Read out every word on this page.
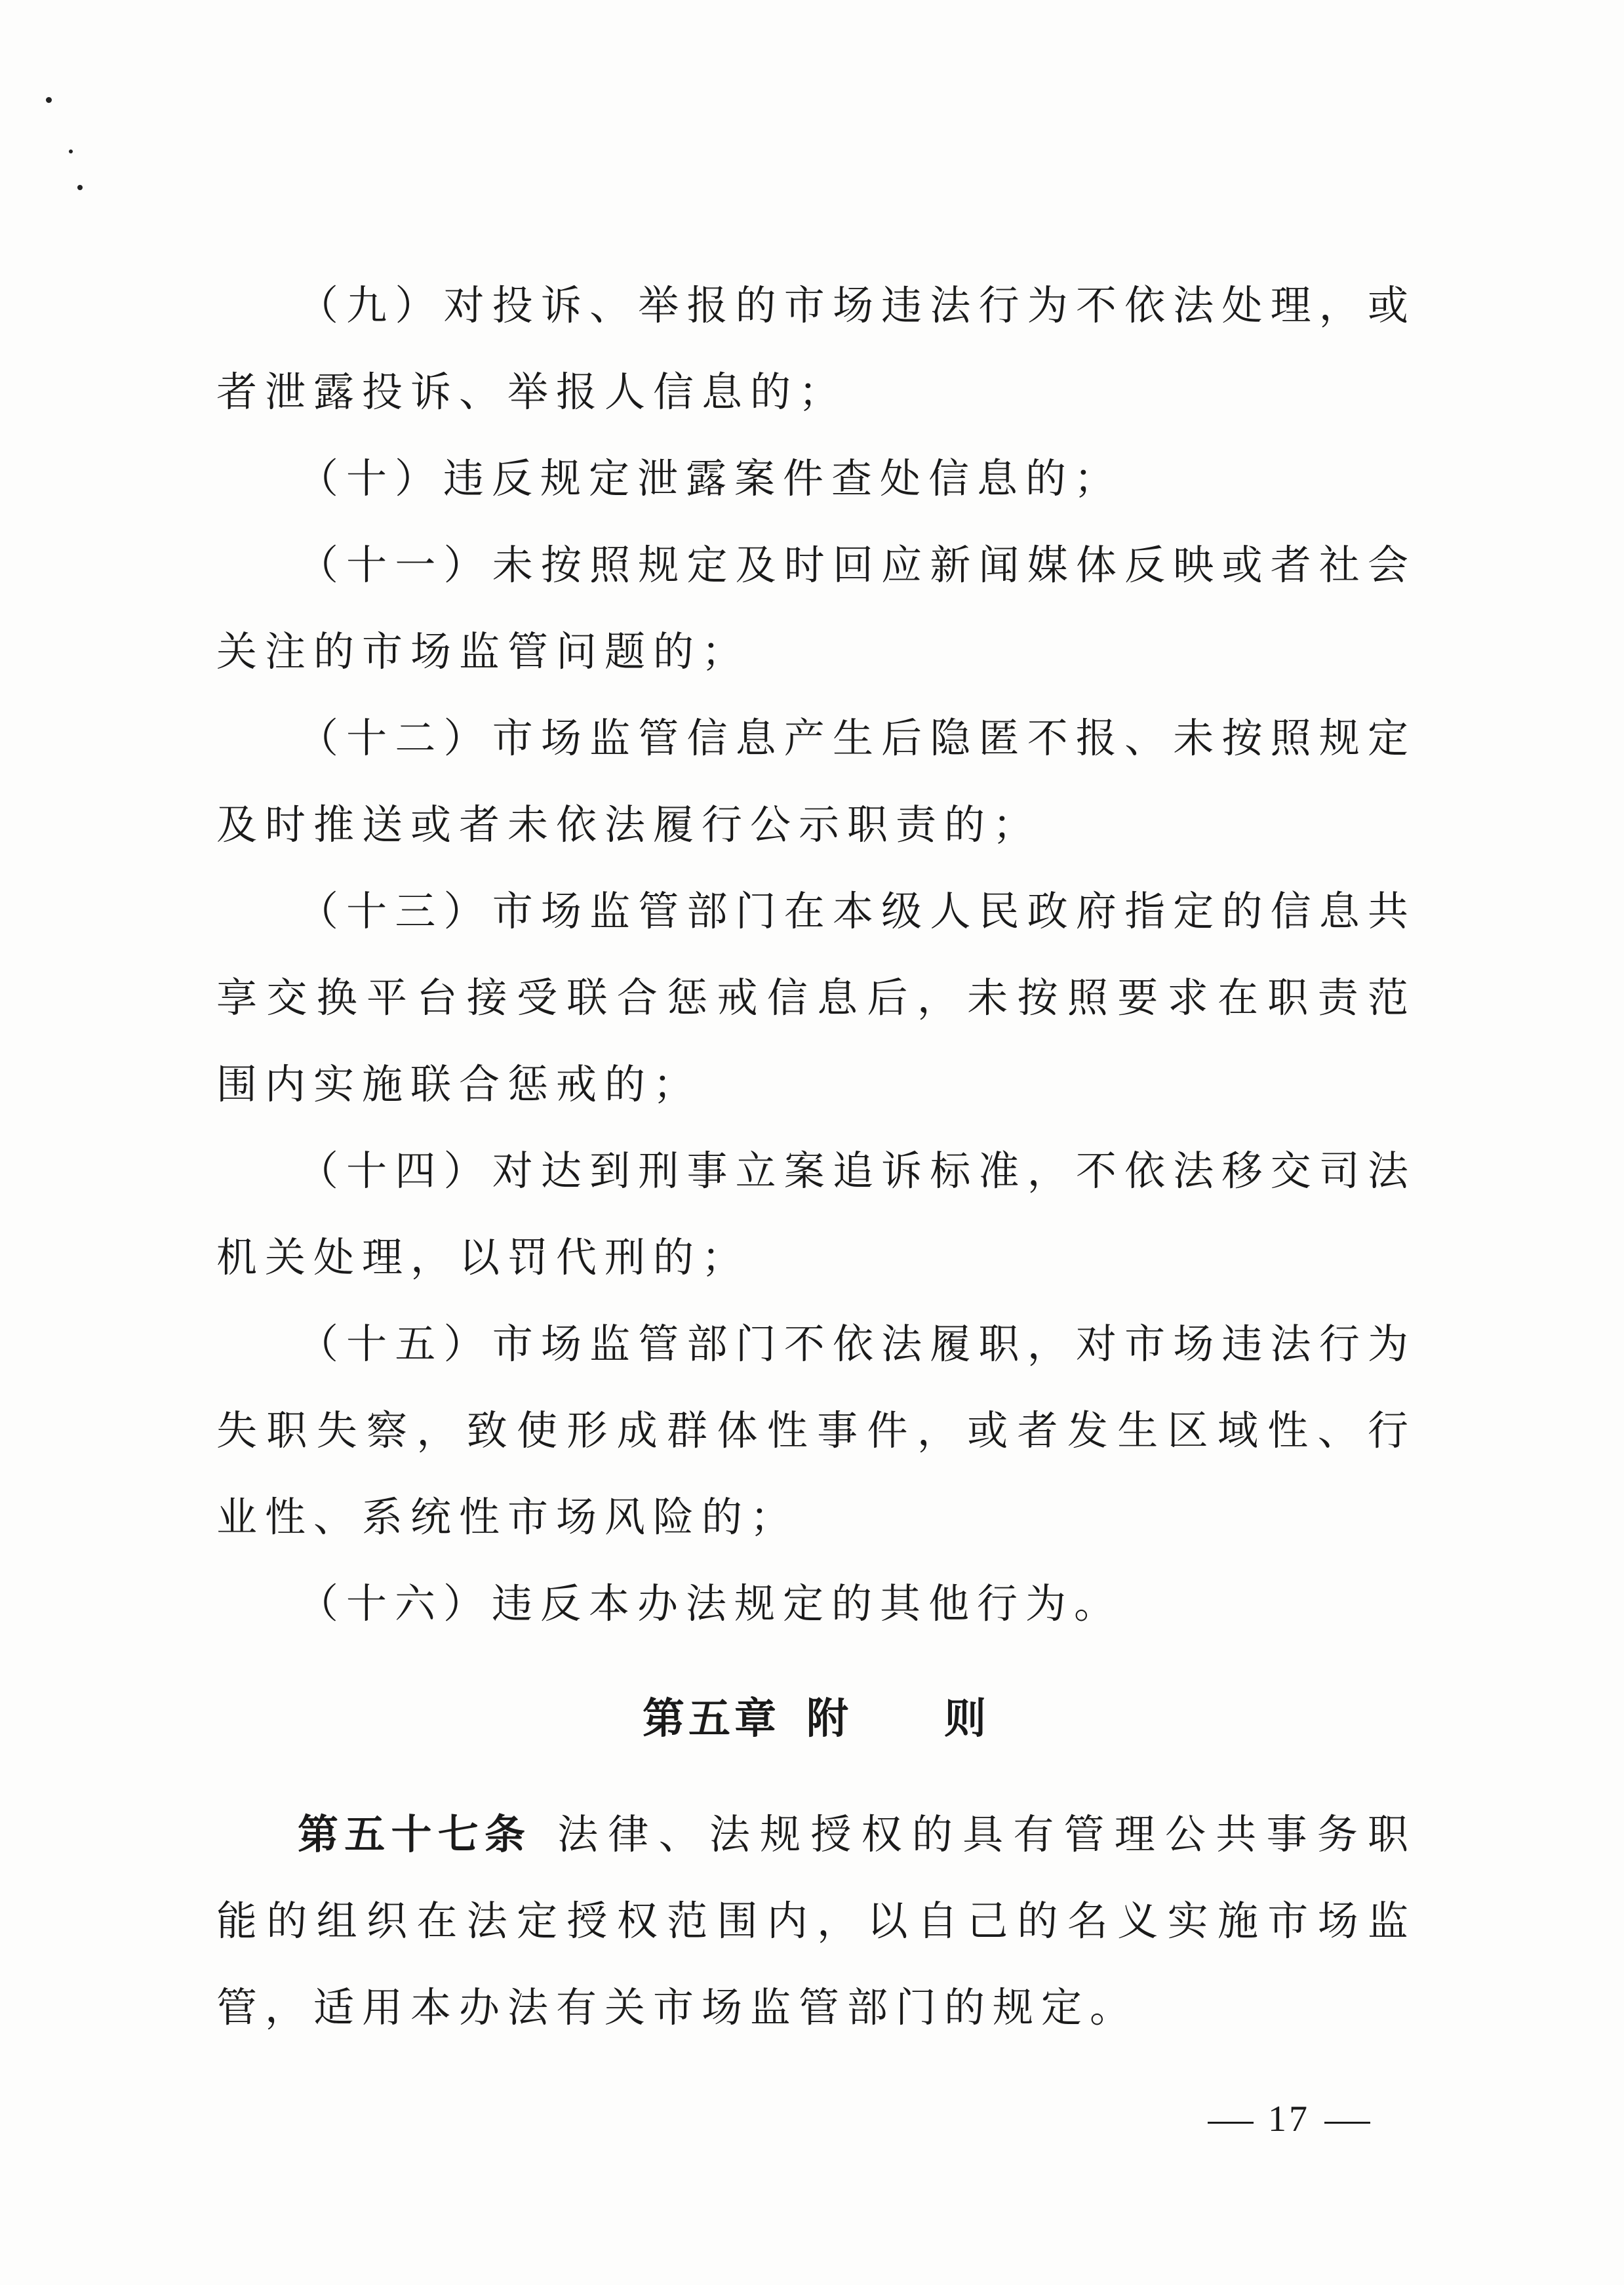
（九）对投诉、举报的市场违法行为不依法处理，或者泄露投诉、举报人信息的；

（十）违反规定泄露案件查处信息的；

（十一）未按照规定及时回应新闻媒体反映或者社会关注的市场监管问题的；

（十二）市场监管信息产生后隐匿不报、未按照规定及时推送或者未依法履行公示职责的；

（十三）市场监管部门在本级人民政府指定的信息共享交换平台接受联合惩戒信息后，未按照要求在职责范围内实施联合惩戒的；

（十四）对达到刑事立案追诉标准，不依法移交司法机关处理，以罚代刑的；

（十五）市场监管部门不依法履职，对市场违法行为失职失察，致使形成群体性事件，或者发生区域性、行业性、系统性市场风险的；

（十六）违反本办法规定的其他行为。

第五章 附 则

第五十七条 法律、法规授权的具有管理公共事务职能的组织在法定授权范围内，以自己的名义实施市场监管，适用本办法有关市场监管部门的规定。

17
